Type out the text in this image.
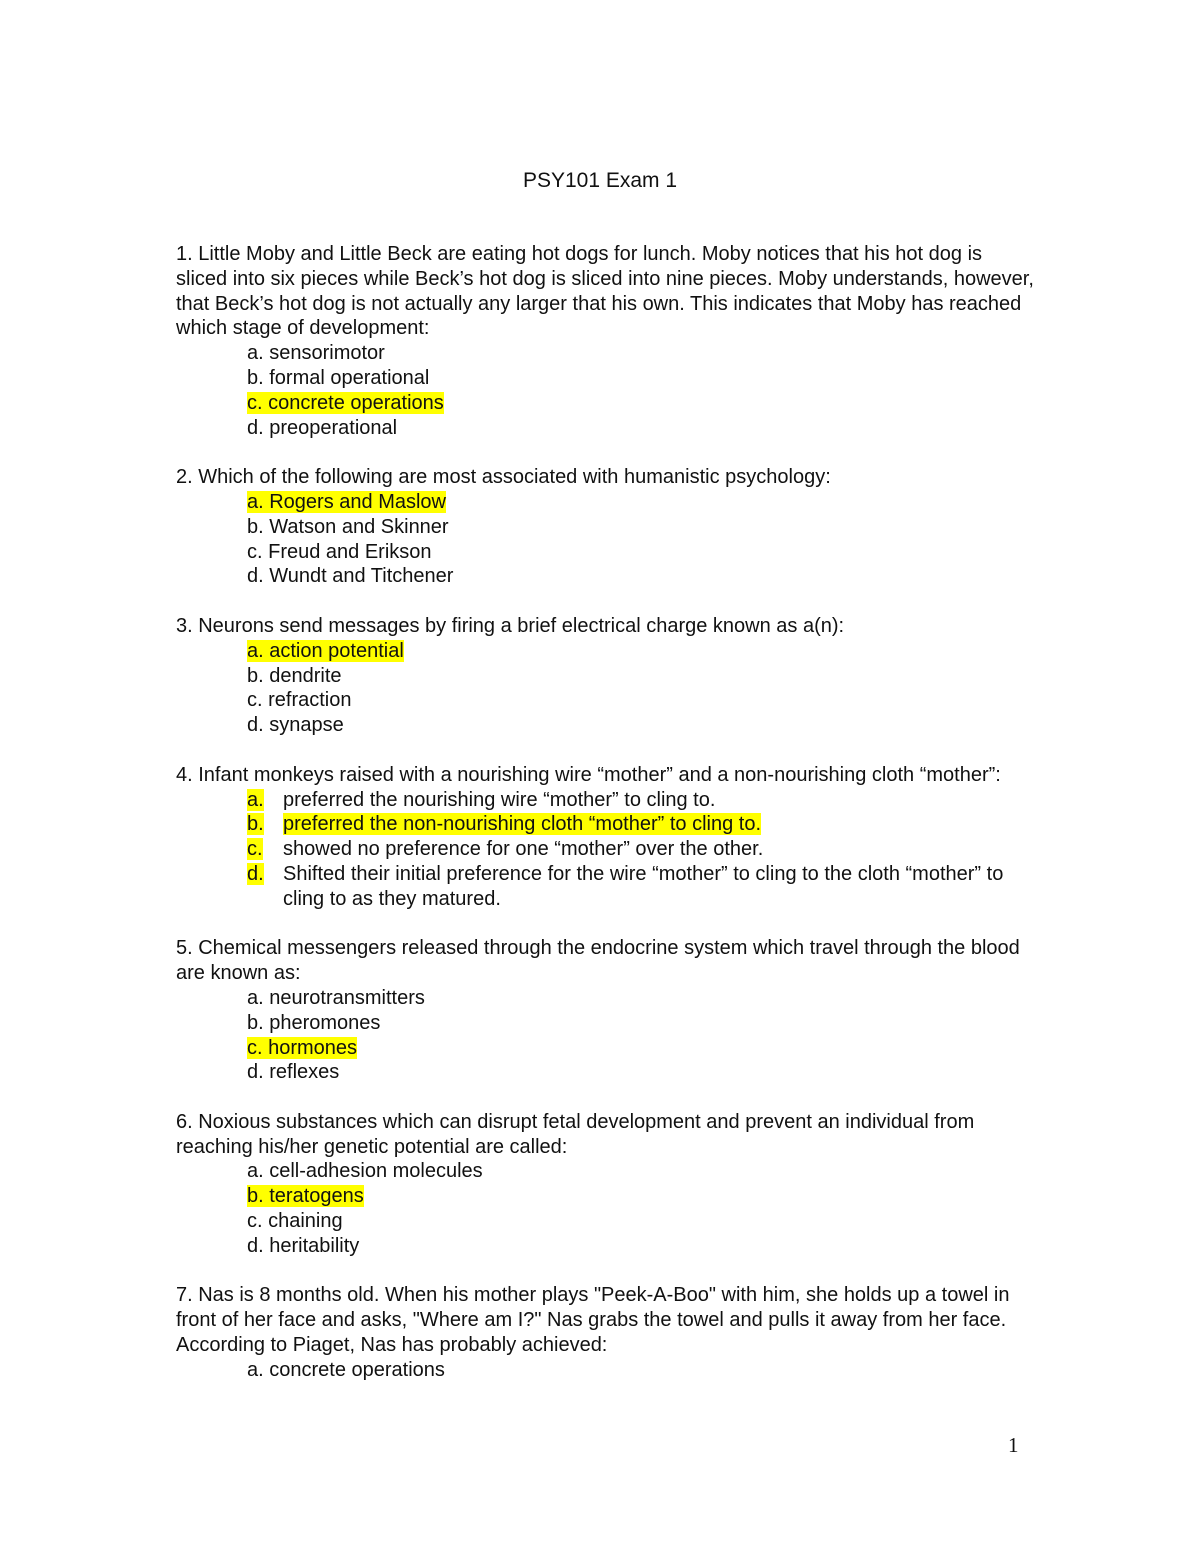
PSY101 Exam 1

1. Little Moby and Little Beck are eating hot dogs for lunch. Moby notices that his hot dog is sliced into six pieces while Beck’s hot dog is sliced into nine pieces. Moby understands, however, that Beck’s hot dog is not actually any larger that his own. This indicates that Moby has reached which stage of development:

a. sensorimotor
b. formal operational
c. concrete operations
d. preoperational

2. Which of the following are most associated with humanistic psychology:

a. Rogers and Maslow
b. Watson and Skinner
c. Freud and Erikson
d. Wundt and Titchener

3. Neurons send messages by firing a brief electrical charge known as a(n):

a. action potential
b. dendrite
c. refraction
d. synapse

4. Infant monkeys raised with a nourishing wire “mother” and a non-nourishing cloth “mother”:

a. preferred the nourishing wire “mother” to cling to.
b. preferred the non-nourishing cloth “mother” to cling to.
c.	showed no preference for one “mother” over the other.
d. Shifted their initial preference for the wire “mother” to cling to the cloth “mother” to cling to as they matured.

5. Chemical messengers released through the endocrine system which travel through the blood are known as:

a. neurotransmitters
b. pheromones
c. hormones
d. reflexes

6. Noxious substances which can disrupt fetal development and prevent an individual from reaching his/her genetic potential are called:

a. cell-adhesion molecules
b. teratogens
c. chaining
d. heritability

7. Nas is 8 months old. When his mother plays "Peek-A-Boo" with him, she holds up a towel in front of her face and asks, "Where am I?" Nas grabs the towel and pulls it away from her face. According to Piaget, Nas has probably achieved:

a. concrete operations
1
